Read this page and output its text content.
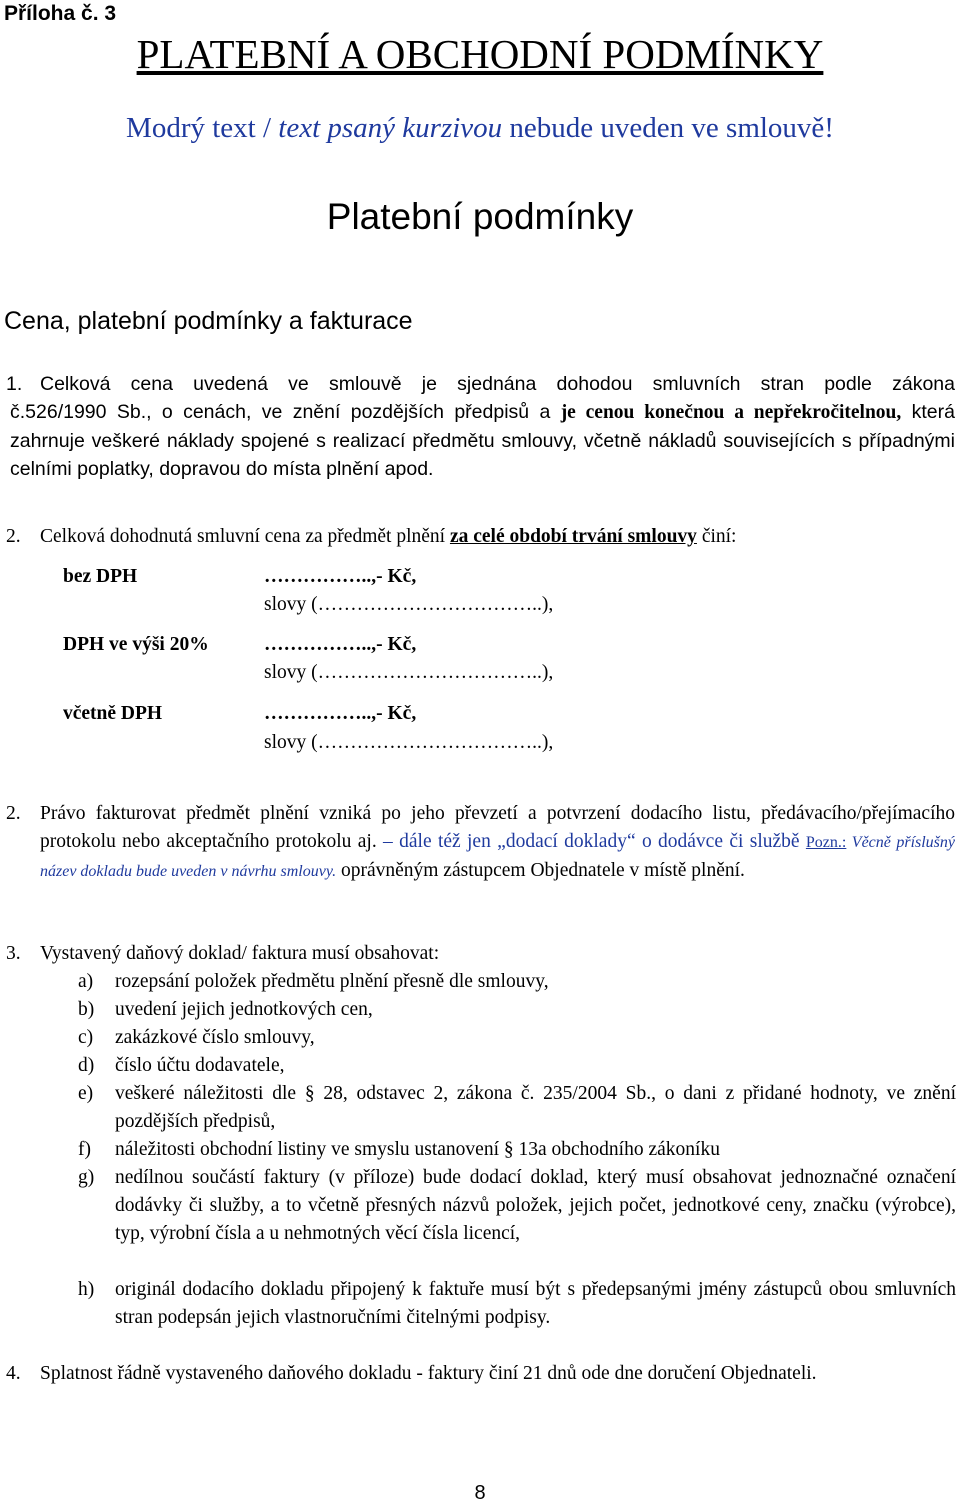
Příloha č. 3
PLATEBNÍ A OBCHODNÍ PODMÍNKY
Modrý text / text psaný kurzivou nebude uveden ve smlouvě!
Platební podmínky
Cena, platební podmínky a fakturace
1. Celková cena uvedená ve smlouvě je sjednána dohodou smluvních stran podle zákona
č.526/1990 Sb., o cenách, ve znění pozdějších předpisů a je cenou konečnou a nepřekročitelnou, která zahrnuje veškeré náklady spojené s realizací předmětu smlouvy, včetně nákladů souvisejících s případnými celními poplatky, dopravou do místa plnění apod.
2. Celková dohodnutá smluvní cena za předmět plnění za celé období trvání smlouvy činí:
bez DPH	……………..,- Kč,
slovy (……………………………..),
DPH ve výši 20%	……………..,- Kč,
slovy (……………………………..),
včetně DPH	……………..,- Kč,
slovy (……………………………..),
2. Právo fakturovat předmět plnění vzniká po jeho převzetí a potvrzení dodacího listu, předávacího/přejímacího protokolu nebo akceptačního protokolu aj. – dále též jen „dodací doklady“ o dodávce či službě Pozn.: Věcně příslušný název dokladu bude uveden v návrhu smlouvy. oprávněným zástupcem Objednatele v místě plnění.
3. Vystavený daňový doklad/ faktura musí obsahovat:
a) rozepsání položek předmětu plnění přesně dle smlouvy,
b) uvedení jejich jednotkových cen,
c) zakázkové číslo smlouvy,
d) číslo účtu dodavatele,
e) veškeré náležitosti dle § 28, odstavec 2, zákona č. 235/2004 Sb., o dani z přidané hodnoty, ve znění pozdějších předpisů,
f) náležitosti obchodní listiny ve smyslu ustanovení § 13a obchodního zákoníku
g) nedílnou součástí faktury (v příloze) bude dodací doklad, který musí obsahovat jednoznačné označení dodávky či služby, a to včetně přesných názvů položek, jejich počet, jednotkové ceny, značku (výrobce), typ, výrobní čísla a u nehmotných věcí čísla licencí,
h) originál dodacího dokladu připojený k faktuře musí být s předepsanými jmény zástupců obou smluvních stran podepsán jejich vlastnoručními čitelnými podpisy.
4. Splatnost řádně vystaveného daňového dokladu - faktury činí 21 dnů ode dne doručení Objednateli.
8
